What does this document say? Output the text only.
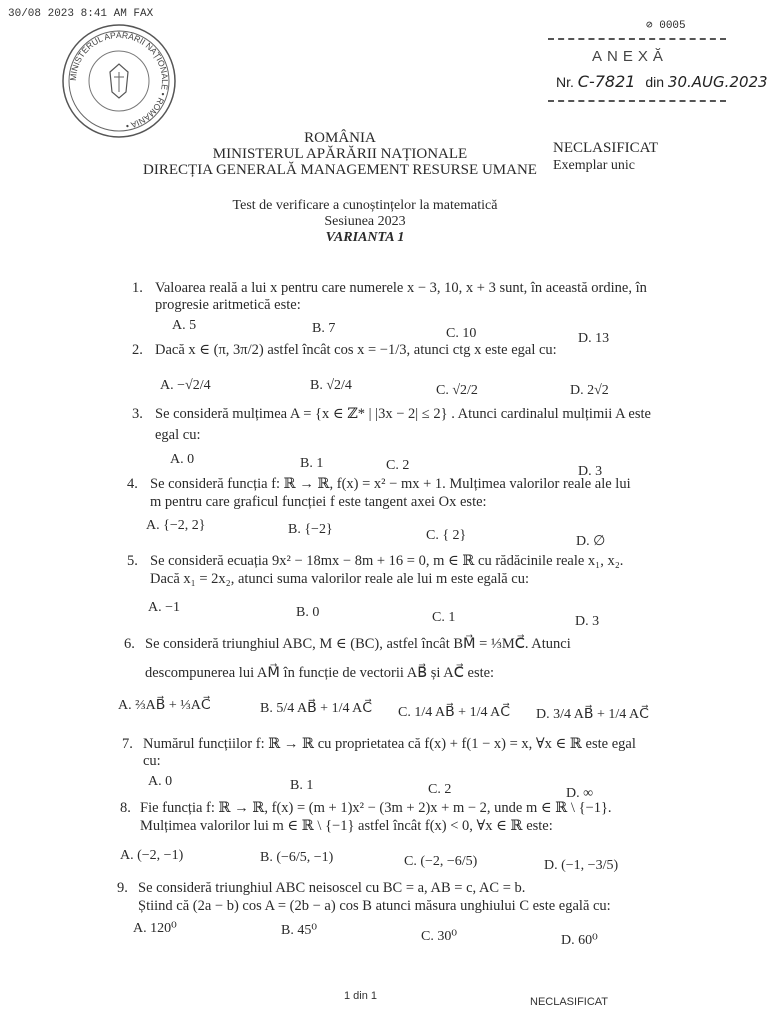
30/08 2023 8:41 AM FAX
⊘ 0005
MINISTERUL APĂRĂRII NAȚIONALE • ROMÂNIA •
ANEXĂ
Nr. C-7821 din 30.AUG.2023
ROMÂNIA
MINISTERUL APĂRĂRII NAȚIONALE
DIRECȚIA GENERALĂ MANAGEMENT RESURSE UMANE
NECLASIFICAT
Exemplar unic
Test de verificare a cunoștințelor la matematică
Sesiunea 2023
VARIANTA 1
1. Valoarea reală a lui x pentru care numerele x − 3, 10, x + 3 sunt, în această ordine, în
progresie aritmetică este:
A. 5	B. 7	C. 10	D. 13
2. Dacă x ∈ (π, 3π/2) astfel încât cos x = −1/3, atunci ctg x este egal cu:
A. −√2/4	B. √2/4	C. √2/2	D. 2√2
3. Se consideră mulțimea A = {x ∈ ℤ* | |3x − 2| ≤ 2} . Atunci cardinalul mulțimii A este
egal cu:
A. 0	B. 1	C. 2	D. 3
4. Se consideră funcția f: ℝ → ℝ, f(x) = x² − mx + 1. Mulțimea valorilor reale ale lui
m pentru care graficul funcției f este tangent axei Ox este:
A. {−2, 2}	B. {−2}	C. { 2}	D. ∅
5. Se consideră ecuația 9x² − 18mx − 8m + 16 = 0, m ∈ ℝ cu rădăcinile reale x₁, x₂.
Dacă x₁ = 2x₂, atunci suma valorilor reale ale lui m este egală cu:
A. −1	B. 0	C. 1	D. 3
6. Se consideră triunghiul ABC, M ∈ (BC), astfel încât BM⃗ = ⅓MC⃗. Atunci
descompunerea lui AM⃗ în funcție de vectorii AB⃗ și AC⃗ este:
A. ⅔AB⃗ + ⅓AC⃗	B. 5/4 AB⃗ + 1/4 AC⃗ C. 1/4 AB⃗ + 1/4 AC⃗ D. 3/4 AB⃗ + 1/4 AC⃗
7. Numărul funcțiilor f: ℝ → ℝ cu proprietatea că f(x) + f(1 − x) = x, ∀x ∈ ℝ este egal
cu:
A. 0	B. 1	C. 2	D. ∞
8. Fie funcția f: ℝ → ℝ, f(x) = (m + 1)x² − (3m + 2)x + m − 2, unde m ∈ ℝ \ {−1}.
Mulțimea valorilor lui m ∈ ℝ \ {−1} astfel încât f(x) < 0, ∀x ∈ ℝ este:
A. (−2, −1)	B. (−6/5, −1)	C. (−2, −6/5)	D. (−1, −3/5)
9. Se consideră triunghiul ABC neisoscel cu BC = a, AB = c, AC = b.
Știind că (2a − b) cos A = (2b − a) cos B atunci măsura unghiului C este egală cu:
A. 120⁰	B. 45⁰	C. 30⁰	D. 60⁰
1 din 1	NECLASIFICAT
